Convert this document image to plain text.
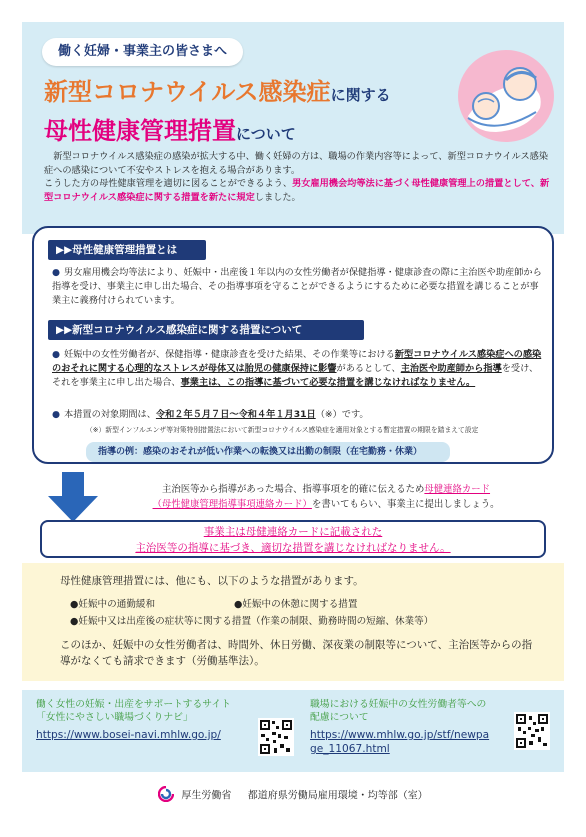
働く妊婦・事業主の皆さまへ
新型コロナウイルス感染症に関する
母性健康管理措置について

新型コロナウイルス感染症の感染が拡大する中、働く妊婦の方は、職場の作業内容等によって、新型コロナウイルス感染症への感染について不安やストレスを抱える場合があります。
こうした方の母性健康管理を適切に図ることができるよう、男女雇用機会均等法に基づく母性健康管理上の措置として、新型コロナウイルス感染症に関する措置を新たに規定しました。

▶▶母性健康管理措置とは

● 男女雇用機会均等法により、妊娠中・出産後１年以内の女性労働者が保健指導・健康診査の際に主治医や助産師から指導を受け、事業主に申し出た場合、その指導事項を守ることができるようにするために必要な措置を講じることが事業主に義務付けられています。

▶▶新型コロナウイルス感染症に関する措置について

● 妊娠中の女性労働者が、保健指導・健康診査を受けた結果、その作業等における新型コロナウイルス感染症への感染のおそれに関する心理的なストレスが母体又は胎児の健康保持に影響があるとして、主治医や助産師から指導を受け、それを事業主に申し出た場合、事業主は、この指導に基づいて必要な措置を講じなければなりません。

● 本措置の対象期間は、令和２年５月７日～令和４年１月31日（※）です。

（※）新型インフルエンザ等対策特別措置法において新型コロナウイルス感染症を適用対象とする暫定措置の期限を踏まえて設定
指導の例：感染のおそれが低い作業への転換又は出勤の制限（在宅勤務・休業）

主治医等から指導があった場合、指導事項を的確に伝えるため母健連絡カード
（母性健康管理指導事項連絡カード）を書いてもらい、事業主に提出しましょう。

事業主は母健連絡カードに記載された
主治医等の指導に基づき、適切な措置を講じなければなりません。
母性健康管理措置には、他にも、以下のような措置があります。
●妊娠中の通勤緩和	●妊娠中の休憩に関する措置
●妊娠中又は出産後の症状等に関する措置（作業の制限、勤務時間の短縮、休業等）

このほか、妊娠中の女性労働者は、時間外、休日労働、深夜業の制限等について、主治医等からの指導がなくても請求できます（労働基準法）。

働く女性の妊娠・出産をサポートするサイト
「女性にやさしい職場づくりナビ」
https://www.bosei-navi.mhlw.go.jp/
職場における妊娠中の女性労働者等への
配慮について
https://www.mhlw.go.jp/stf/newpa
ge_11067.html
厚生労働省 都道府県労働局雇用環境・均等部（室）
